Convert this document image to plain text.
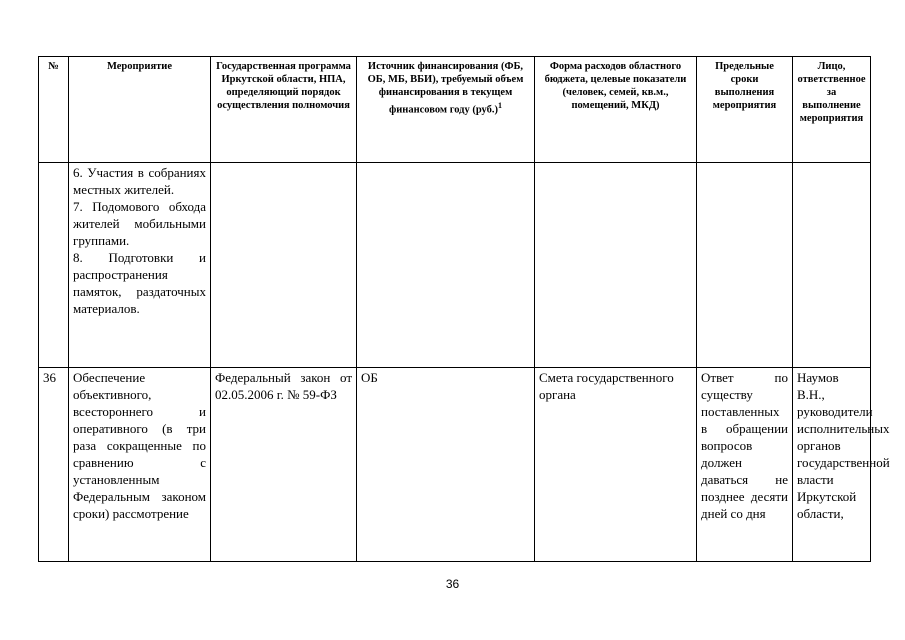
№	Мероприятие	Государственная программа Иркутской области, НПА, определяющий порядок осуществления полномочия	Источник финансирования (ФБ, ОБ, МБ, ВБИ), требуемый объем финансирования в текущем финансовом году $(руб.)^1$	Форма расходов областного бюджета, целевые показатели (человек, семей, кв.м., помещений, МКД)	Предельные сроки выполнения мероприятия	Лицо, ответственное за выполнение мероприятия

	6. Участия в собраниях местных жителей.
7. Подомового обхода жителей мобильными группами.
8. Подготовки и распространения памяток, раздаточных материалов.					

36	Обеспечение объективного, всестороннего и оперативного (в три раза сокращенные по сравнению с установленным Федеральным законом сроки) рассмотрение	Федеральный закон от 02.05.2006 г. № 59-ФЗ	ОБ	Смета государственного органа	Ответ по существу поставленных в обращении вопросов должен даваться не позднее десяти дней со дня	Наумов В.Н., руководители исполнительных органов государственной власти Иркутской области,
36
